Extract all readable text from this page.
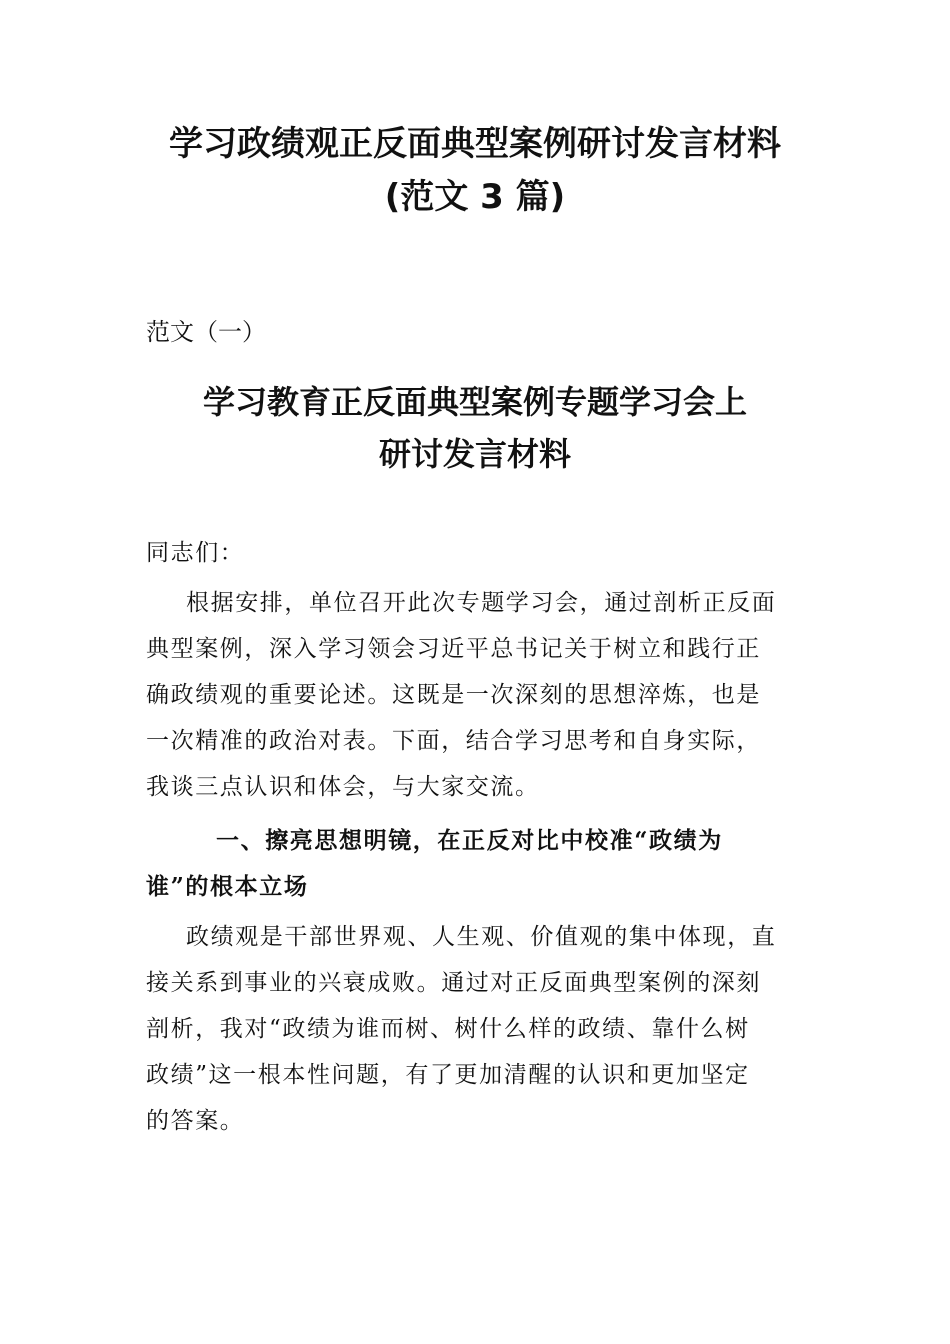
学习政绩观正反面典型案例研讨发言材料
(范文 3 篇)
范文（一）
学习教育正反面典型案例专题学习会上
研讨发言材料
同志们：
根据安排，单位召开此次专题学习会，通过剖析正反面
典型案例，深入学习领会习近平总书记关于树立和践行正
确政绩观的重要论述。这既是一次深刻的思想淬炼，也是
一次精准的政治对表。下面，结合学习思考和自身实际，
我谈三点认识和体会，与大家交流。
一、擦亮思想明镜，在正反对比中校准“政绩为
谁”的根本立场
政绩观是干部世界观、人生观、价值观的集中体现，直
接关系到事业的兴衰成败。通过对正反面典型案例的深刻
剖析，我对“政绩为谁而树、树什么样的政绩、靠什么树
政绩”这一根本性问题，有了更加清醒的认识和更加坚定
的答案。
